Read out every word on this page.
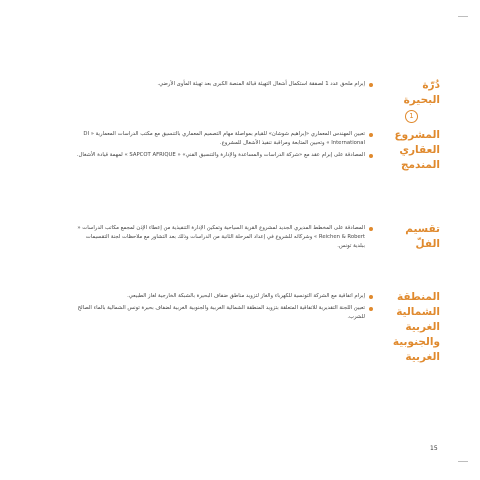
دُرّة البحيرة
1
إبرام ملحق عدد 1 لصفقة استكمال أشغال التهيئة قبالة المنصة الكبرى بعد تهيئة المأوى الأرضي.
المشروع العقاري المندمج
تعيين المهندس المعماري «إبراهيم شوشان» للقيام بمواصلة مهام التصميم المعماري بالتنسيق مع مكتب الدراسات المعمارية « DI International » وتحيين المتابعة ومراقبة تنفيذ الأشغال للمشروع.
المصادقة على إبرام عقد مع «شركة الدراسات والمساعدة والإدارة والتنسيق الفني» « SAPCOT AFRIQUE » لمهمة قيادة الأشغال.
تقسيم الفلّ
المصادقة على المخطط المديري الجديد لمشروع القرية السياحية وتمكين الإدارة التنفيذية من إعطاء الإذن لمجمع مكاتب الدراسات « Reichen & Robert » وشركائه للشروع في إعداد المرحلة الثانية من الدراسات وذلك بعد التشاور مع ملاحظات لجنة التقسيمات ببلدية تونس.
المنطقة الشمالية الغربية والجنوبية الغربية
إبرام اتفاقية مع الشركة التونسية للكهرباء والغاز لتزويد مناطق ضفاف البحيرة بالشبكة الخارجية لغاز الطبيعي.
تعيين اللجنة التقديرية للاتفاقية المتعلقة بتزويد المنطقة الشمالية الغربية والجنوبية الغربية لضفاف بحيرة تونس الشمالية بالماء الصالح للشرب.
15
